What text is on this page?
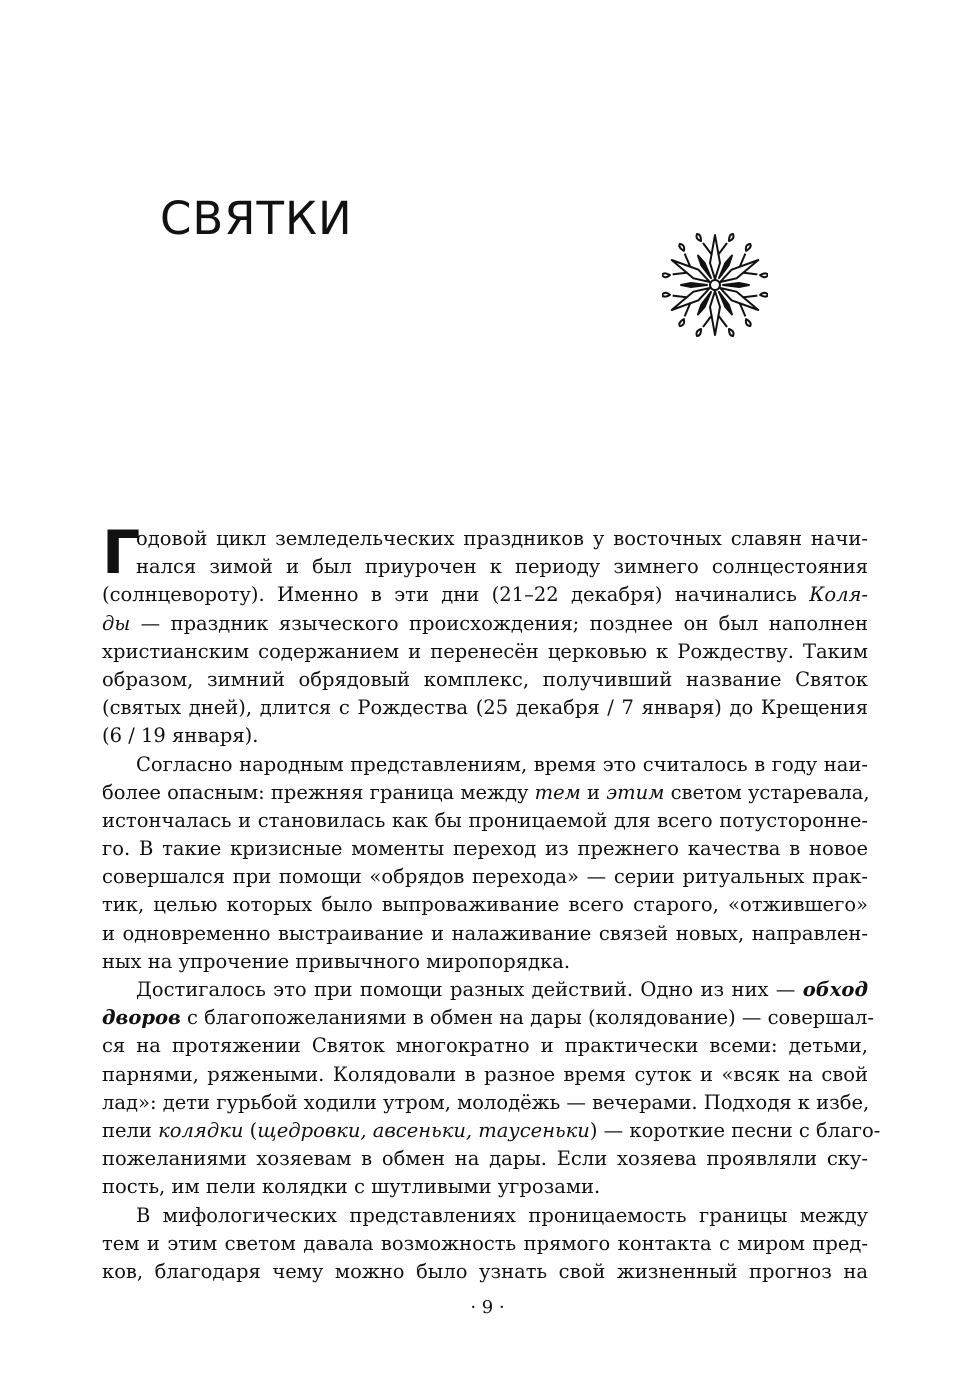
СВЯТКИ
Г
одовой цикл земледельческих праздников у восточных славян начи-
нался зимой и был приурочен к периоду зимнего солнцестояния
(солнцевороту). Именно в эти дни (21–22 декабря) начинались Коля-
ды — праздник языческого происхождения; позднее он был наполнен
христианским содержанием и перенесён церковью к Рождеству. Таким
образом, зимний обрядовый комплекс, получивший название Святок
(святых дней), длится с Рождества (25 декабря / 7 января) до Крещения
(6 / 19 января).
Согласно народным представлениям, время это считалось в году наи-
более опасным: прежняя граница между тем и этим светом устаревала,
истончалась и становилась как бы проницаемой для всего потусторонне-
го. В такие кризисные моменты переход из прежнего качества в новое
совершался при помощи «обрядов перехода» — серии ритуальных прак-
тик, целью которых было выпроваживание всего старого, «отжившего»
и одновременно выстраивание и налаживание связей новых, направлен-
ных на упрочение привычного миропорядка.
Достигалось это при помощи разных действий. Одно из них — обход
дворов с благопожеланиями в обмен на дары (колядование) — совершал-
ся на протяжении Святок многократно и практически всеми: детьми,
парнями, ряжеными. Колядовали в разное время суток и «всяк на свой
лад»: дети гурьбой ходили утром, молодёжь — вечерами. Подходя к избе,
пели колядки (щедровки, авсеньки, таусеньки) — короткие песни с благо-
пожеланиями хозяевам в обмен на дары. Если хозяева проявляли ску-
пость, им пели колядки с шутливыми угрозами.
В мифологических представлениях проницаемость границы между
тем и этим светом давала возможность прямого контакта с миром пред-
ков, благодаря чему можно было узнать свой жизненный прогноз на
· 9 ·
